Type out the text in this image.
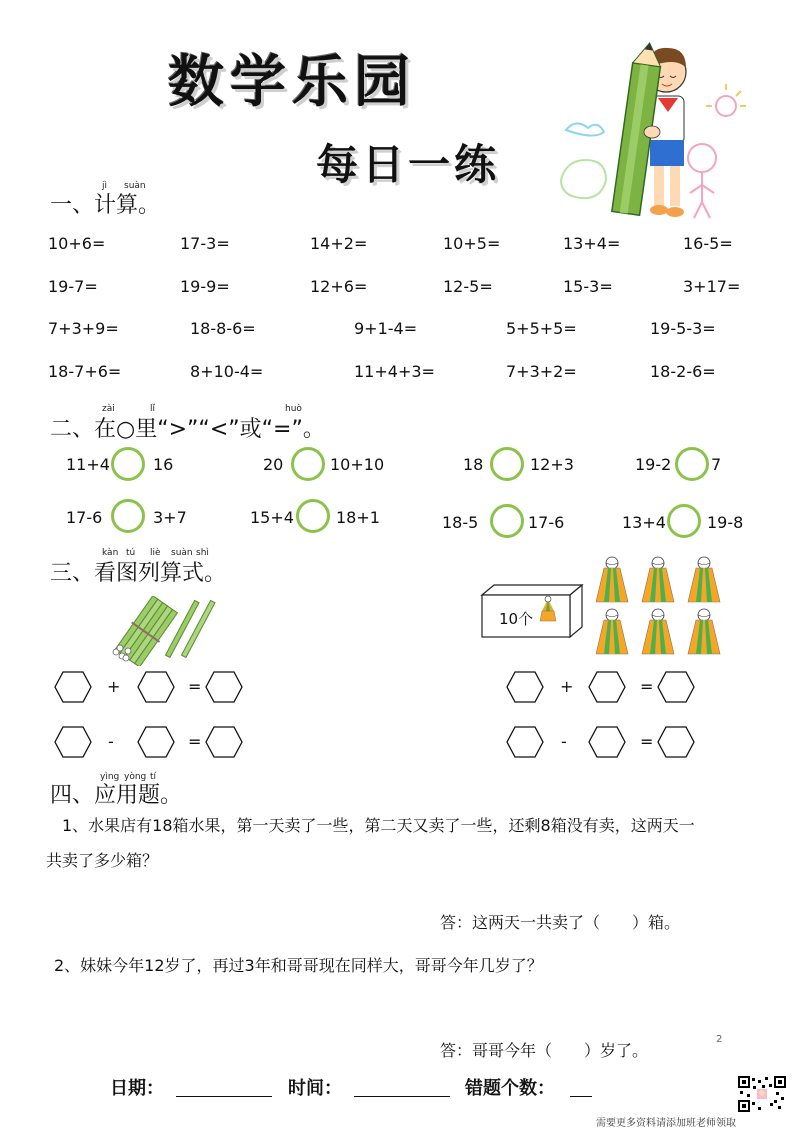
数学乐园
每日一练
jì suàn
一、计算。
10+6=	17-3=	14+2=	10+5=	13+4=	16-5=
19-7=	19-9=	12+6=	12-5=	15-3=	3+17=
7+3+9=	18-8-6=	9+1-4=	5+5+5=	19-5-3=
18-7+6=	8+10-4=	11+4+3=	7+3+2=	18-2-6=
zài	lǐ	huò
二、在○里“>”“<”或“=”。
11+4	16	20	10+10	18	12+3	19-2 7
17-6	3+7	15+4	18+1	18-5	17-6	13+4	19-8
kàn tú liè suàn shì
三、看图列算式。
10个
+	=
-	=
+	=
-	=
yìng yòng tí
四、应用题。
1、水果店有18箱水果，第一天卖了一些，第二天又卖了一些，还剩8箱没有卖，这两天一
共卖了多少箱？
答：这两天一共卖了（　　）箱。
2、妹妹今年12岁了，再过3年和哥哥现在同样大，哥哥今年几岁了？
答：哥哥今年（　　）岁了。
2
日期：	时间：	错题个数：
需要更多资料请添加班老师领取
